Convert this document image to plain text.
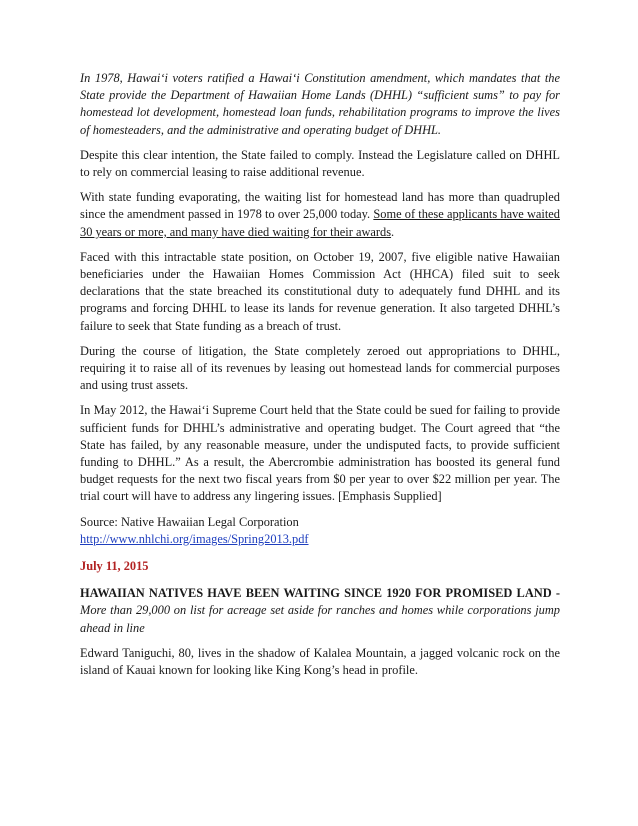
In 1978, Hawai‘i voters ratified a Hawai‘i Constitution amendment, which mandates that the State provide the Department of Hawaiian Home Lands (DHHL) “sufficient sums” to pay for homestead lot development, homestead loan funds, rehabilitation programs to improve the lives of homesteaders, and the administrative and operating budget of DHHL.

Despite this clear intention, the State failed to comply. Instead the Legislature called on DHHL to rely on commercial leasing to raise additional revenue.

With state funding evaporating, the waiting list for homestead land has more than quadrupled since the amendment passed in 1978 to over 25,000 today. Some of these applicants have waited 30 years or more, and many have died waiting for their awards.

Faced with this intractable state position, on October 19, 2007, five eligible native Hawaiian beneficiaries under the Hawaiian Homes Commission Act (HHCA) filed suit to seek declarations that the state breached its constitutional duty to adequately fund DHHL and its programs and forcing DHHL to lease its lands for revenue generation. It also targeted DHHL’s failure to seek that State funding as a breach of trust.

During the course of litigation, the State completely zeroed out appropriations to DHHL, requiring it to raise all of its revenues by leasing out homestead lands for commercial purposes and using trust assets.

In May 2012, the Hawai‘i Supreme Court held that the State could be sued for failing to provide sufficient funds for DHHL’s administrative and operating budget. The Court agreed that “the State has failed, by any reasonable measure, under the undisputed facts, to provide sufficient funding to DHHL.” As a result, the Abercrombie administration has boosted its general fund budget requests for the next two fiscal years from $0 per year to over $22 million per year. The trial court will have to address any lingering issues. [Emphasis Supplied]

Source: Native Hawaiian Legal Corporation
http://www.nhlchi.org/images/Spring2013.pdf
July 11, 2015

HAWAIIAN NATIVES HAVE BEEN WAITING SINCE 1920 FOR PROMISED LAND - More than 29,000 on list for acreage set aside for ranches and homes while corporations jump ahead in line

Edward Taniguchi, 80, lives in the shadow of Kalalea Mountain, a jagged volcanic rock on the island of Kauai known for looking like King Kong’s head in profile.
